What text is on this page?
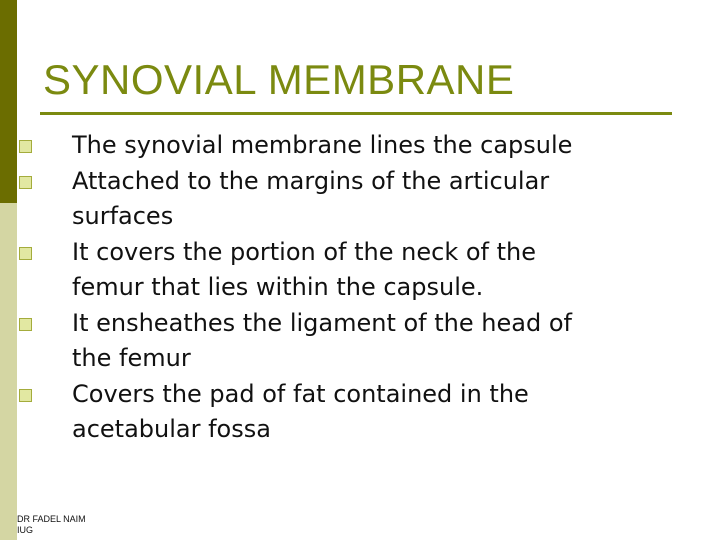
SYNOVIAL MEMBRANE
The synovial membrane lines the capsule
Attached to the margins of the articular
surfaces
It covers the portion of the neck of the
femur that lies within the capsule.
It ensheathes the ligament of the head of
the femur
Covers the pad of fat contained in the
acetabular fossa
DR FADEL NAIM
IUG
